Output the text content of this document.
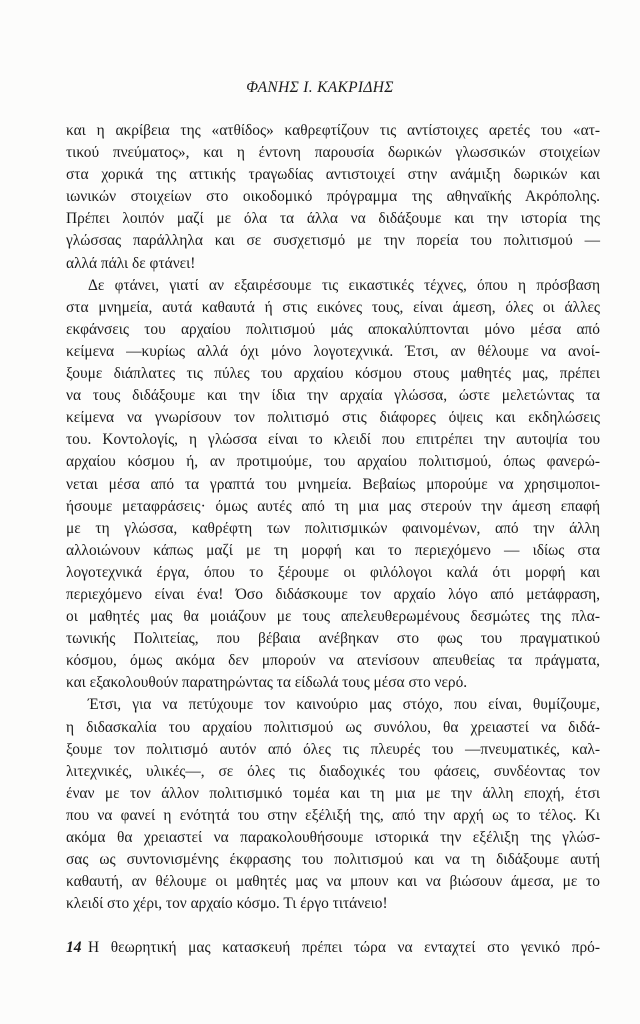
ΦΑΝΗΣ Ι. ΚΑΚΡΙΔΗΣ
και η ακρίβεια της «ατθίδος» καθρεφτίζουν τις αντίστοιχες αρετές του «ατ-
τικού πνεύματος», και η έντονη παρουσία δωρικών γλωσσικών στοιχείων
στα χορικά της αττικής τραγωδίας αντιστοιχεί στην ανάμιξη δωρικών και
ιωνικών στοιχείων στο οικοδομικό πρόγραμμα της αθηναϊκής Ακρόπολης.
Πρέπει λοιπόν μαζί με όλα τα άλλα να διδάξουμε και την ιστορία της
γλώσσας παράλληλα και σε συσχετισμό με την πορεία του πολιτισμού —
αλλά πάλι δε φτάνει!
Δε φτάνει, γιατί αν εξαιρέσουμε τις εικαστικές τέχνες, όπου η πρόσβαση
στα μνημεία, αυτά καθαυτά ή στις εικόνες τους, είναι άμεση, όλες οι άλλες
εκφάνσεις του αρχαίου πολιτισμού μάς αποκαλύπτονται μόνο μέσα από
κείμενα —κυρίως αλλά όχι μόνο λογοτεχνικά. Έτσι, αν θέλουμε να ανοί-
ξουμε διάπλατες τις πύλες του αρχαίου κόσμου στους μαθητές μας, πρέπει
να τους διδάξουμε και την ίδια την αρχαία γλώσσα, ώστε μελετώντας τα
κείμενα να γνωρίσουν τον πολιτισμό στις διάφορες όψεις και εκδηλώσεις
του. Κοντολογίς, η γλώσσα είναι το κλειδί που επιτρέπει την αυτοψία του
αρχαίου κόσμου ή, αν προτιμούμε, του αρχαίου πολιτισμού, όπως φανερώ-
νεται μέσα από τα γραπτά του μνημεία. Βεβαίως μπορούμε να χρησιμοποι-
ήσουμε μεταφράσεις· όμως αυτές από τη μια μας στερούν την άμεση επαφή
με τη γλώσσα, καθρέφτη των πολιτισμικών φαινομένων, από την άλλη
αλλοιώνουν κάπως μαζί με τη μορφή και το περιεχόμενο — ιδίως στα
λογοτεχνικά έργα, όπου το ξέρουμε οι φιλόλογοι καλά ότι μορφή και
περιεχόμενο είναι ένα! Όσο διδάσκουμε τον αρχαίο λόγο από μετάφραση,
οι μαθητές μας θα μοιάζουν με τους απελευθερωμένους δεσμώτες της πλα-
τωνικής Πολιτείας, που βέβαια ανέβηκαν στο φως του πραγματικού
κόσμου, όμως ακόμα δεν μπορούν να ατενίσουν απευθείας τα πράγματα,
και εξακολουθούν παρατηρώντας τα είδωλά τους μέσα στο νερό.
Έτσι, για να πετύχουμε τον καινούριο μας στόχο, που είναι, θυμίζουμε,
η διδασκαλία του αρχαίου πολιτισμού ως συνόλου, θα χρειαστεί να διδά-
ξουμε τον πολιτισμό αυτόν από όλες τις πλευρές του —πνευματικές, καλ-
λιτεχνικές, υλικές—, σε όλες τις διαδοχικές του φάσεις, συνδέοντας τον
έναν με τον άλλον πολιτισμικό τομέα και τη μια με την άλλη εποχή, έτσι
που να φανεί η ενότητά του στην εξέλιξή της, από την αρχή ως το τέλος. Κι
ακόμα θα χρειαστεί να παρακολουθήσουμε ιστορικά την εξέλιξη της γλώσ-
σας ως συντονισμένης έκφρασης του πολιτισμού και να τη διδάξουμε αυτή
καθαυτή, αν θέλουμε οι μαθητές μας να μπουν και να βιώσουν άμεσα, με το
κλειδί στο χέρι, τον αρχαίο κόσμο. Τι έργο τιτάνειο!
Η θεωρητική μας κατασκευή πρέπει τώρα να ενταχτεί στο γενικό πρό-
14
